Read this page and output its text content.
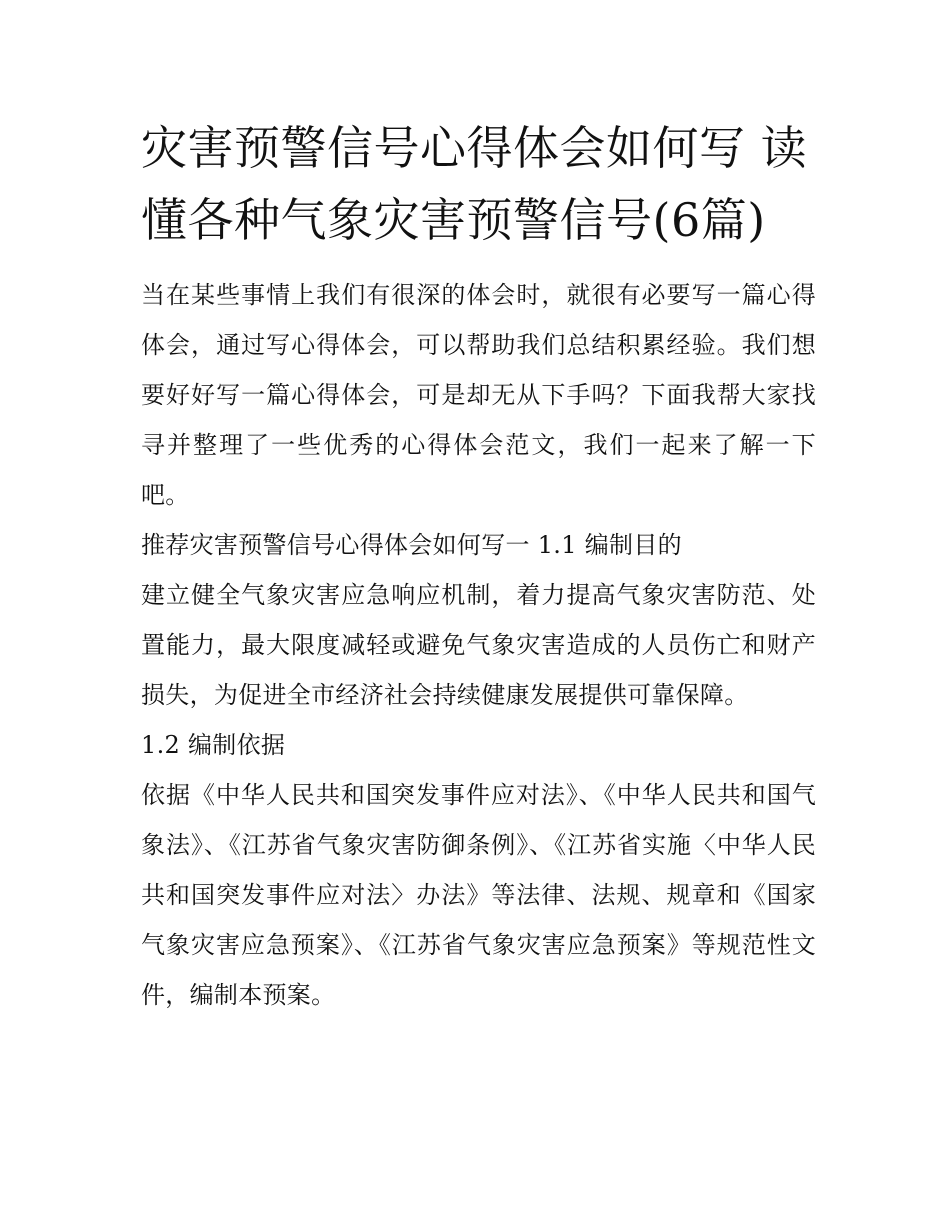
灾害预警信号心得体会如何写 读懂各种气象灾害预警信号(6篇)

当在某些事情上我们有很深的体会时，就很有必要写一篇心得体会，通过写心得体会，可以帮助我们总结积累经验。我们想要好好写一篇心得体会，可是却无从下手吗？下面我帮大家找寻并整理了一些优秀的心得体会范文，我们一起来了解一下吧。

推荐灾害预警信号心得体会如何写一 1.1 编制目的

建立健全气象灾害应急响应机制，着力提高气象灾害防范、处置能力，最大限度减轻或避免气象灾害造成的人员伤亡和财产损失，为促进全市经济社会持续健康发展提供可靠保障。

1.2 编制依据

依据《中华人民共和国突发事件应对法》、《中华人民共和国气象法》、《江苏省气象灾害防御条例》、《江苏省实施〈中华人民共和国突发事件应对法〉办法》等法律、法规、规章和《国家气象灾害应急预案》、《江苏省气象灾害应急预案》等规范性文件，编制本预案。
